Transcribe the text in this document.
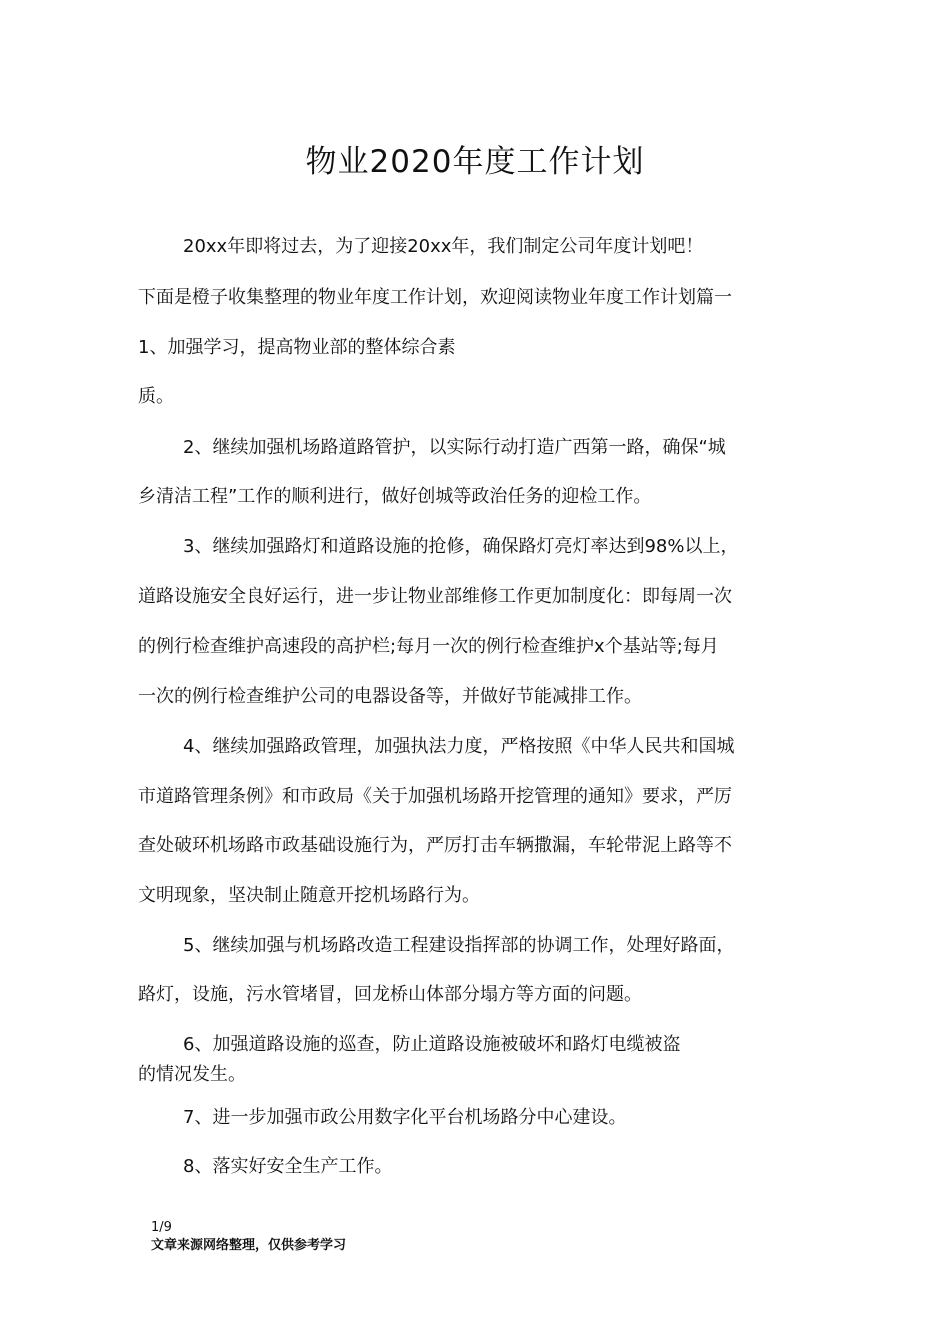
物业2020年度工作计划
20xx年即将过去，为了迎接20xx年，我们制定公司年度计划吧！
下面是橙子收集整理的物业年度工作计划，欢迎阅读物业年度工作计划篇一
1、加强学习，提高物业部的整体综合素
质。
2、继续加强机场路道路管护，以实际行动打造广西第一路，确保“城
乡清洁工程”工作的顺利进行，做好创城等政治任务的迎检工作。
3、继续加强路灯和道路设施的抢修，确保路灯亮灯率达到98%以上，
道路设施安全良好运行，进一步让物业部维修工作更加制度化：即每周一次
的例行检查维护高速段的高护栏;每月一次的例行检查维护x个基站等;每月
一次的例行检查维护公司的电器设备等，并做好节能减排工作。
4、继续加强路政管理，加强执法力度，严格按照《中华人民共和国城
市道路管理条例》和市政局《关于加强机场路开挖管理的通知》要求，严厉
查处破环机场路市政基础设施行为，严厉打击车辆撒漏，车轮带泥上路等不
文明现象，坚决制止随意开挖机场路行为。
5、继续加强与机场路改造工程建设指挥部的协调工作，处理好路面，
路灯，设施，污水管堵冒，回龙桥山体部分塌方等方面的问题。
6、加强道路设施的巡查，防止道路设施被破坏和路灯电缆被盗
的情况发生。
7、进一步加强市政公用数字化平台机场路分中心建设。
8、落实好安全生产工作。
1/9
文章来源网络整理，仅供参考学习
